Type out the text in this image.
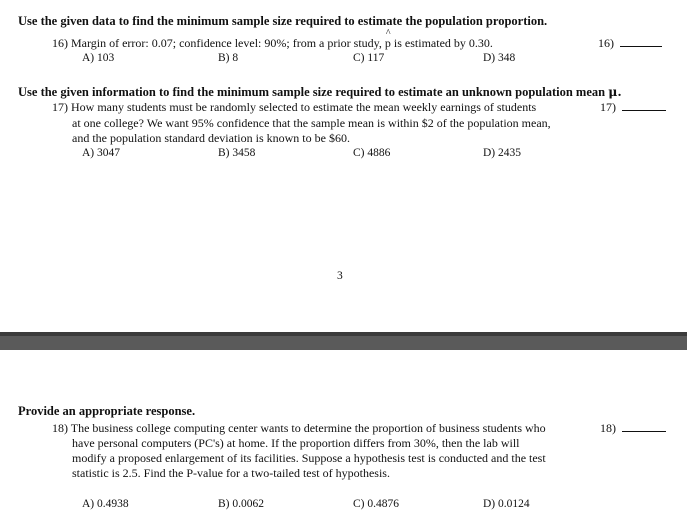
Use the given data to find the minimum sample size required to estimate the population proportion.
16) Margin of error: 0.07; confidence level: 90%; from a prior study, ^ p is estimated by 0.30.	16)
A) 103	B) 8	C) 117	D) 348
Use the given information to find the minimum sample size required to estimate an unknown population mean μ.
17) How many students must be randomly selected to estimate the mean weekly earnings of students	17)
at one college? We want 95% confidence that the sample mean is within $2 of the population mean,
and the population standard deviation is known to be $60.
A) 3047	B) 3458	C) 4886	D) 2435
3
Provide an appropriate response.
18) The business college computing center wants to determine the proportion of business students who	18)
have personal computers (PC's) at home. If the proportion differs from 30%, then the lab will
modify a proposed enlargement of its facilities. Suppose a hypothesis test is conducted and the test
statistic is 2.5. Find the P-value for a two-tailed test of hypothesis.
A) 0.4938	B) 0.0062	C) 0.4876	D) 0.0124
